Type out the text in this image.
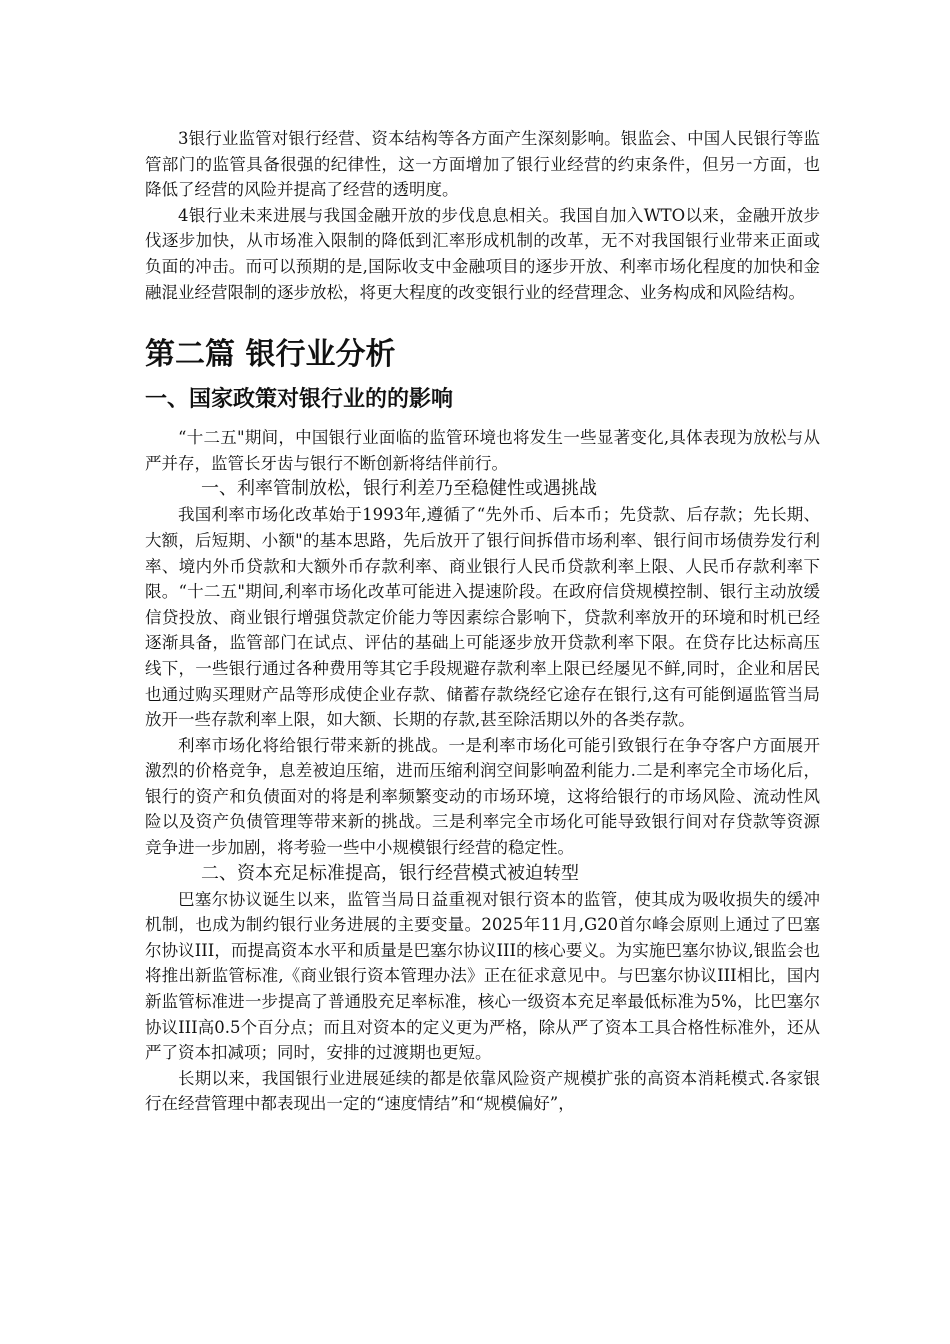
3银行业监管对银行经营、资本结构等各方面产生深刻影响。银监会、中国人民银行等监管部门的监管具备很强的纪律性，这一方面增加了银行业经营的约束条件，但另一方面，也降低了经营的风险并提高了经营的透明度。

4银行业未来进展与我国金融开放的步伐息息相关。我国自加入WTO以来，金融开放步伐逐步加快，从市场准入限制的降低到汇率形成机制的改革，无不对我国银行业带来正面或负面的冲击。而可以预期的是,国际收支中金融项目的逐步开放、利率市场化程度的加快和金融混业经营限制的逐步放松，将更大程度的改变银行业的经营理念、业务构成和风险结构。

第二篇 银行业分析
一、国家政策对银行业的的影响

“十二五"期间，中国银行业面临的监管环境也将发生一些显著变化,具体表现为放松与从严并存，监管长牙齿与银行不断创新将结伴前行。

一、利率管制放松，银行利差乃至稳健性或遇挑战

我国利率市场化改革始于1993年,遵循了“先外币、后本币；先贷款、后存款；先长期、大额，后短期、小额"的基本思路，先后放开了银行间拆借市场利率、银行间市场债券发行利率、境内外币贷款和大额外币存款利率、商业银行人民币贷款利率上限、人民币存款利率下限。“十二五"期间,利率市场化改革可能进入提速阶段。在政府信贷规模控制、银行主动放缓信贷投放、商业银行增强贷款定价能力等因素综合影响下，贷款利率放开的环境和时机已经逐渐具备，监管部门在试点、评估的基础上可能逐步放开贷款利率下限。在贷存比达标高压线下，一些银行通过各种费用等其它手段规避存款利率上限已经屡见不鲜,同时，企业和居民也通过购买理财产品等形成使企业存款、储蓄存款绕经它途存在银行,这有可能倒逼监管当局放开一些存款利率上限，如大额、长期的存款,甚至除活期以外的各类存款。

利率市场化将给银行带来新的挑战。一是利率市场化可能引致银行在争夺客户方面展开激烈的价格竞争，息差被迫压缩，进而压缩利润空间影响盈利能力.二是利率完全市场化后，银行的资产和负债面对的将是利率频繁变动的市场环境，这将给银行的市场风险、流动性风险以及资产负债管理等带来新的挑战。三是利率完全市场化可能导致银行间对存贷款等资源竞争进一步加剧，将考验一些中小规模银行经营的稳定性。

二、资本充足标准提高，银行经营模式被迫转型

巴塞尔协议诞生以来，监管当局日益重视对银行资本的监管，使其成为吸收损失的缓冲机制，也成为制约银行业务进展的主要变量。2025年11月,G20首尔峰会原则上通过了巴塞尔协议III，而提高资本水平和质量是巴塞尔协议III的核心要义。为实施巴塞尔协议,银监会也将推出新监管标准,《商业银行资本管理办法》正在征求意见中。与巴塞尔协议III相比，国内新监管标准进一步提高了普通股充足率标准，核心一级资本充足率最低标准为5%，比巴塞尔协议III高0.5个百分点；而且对资本的定义更为严格，除从严了资本工具合格性标准外，还从严了资本扣减项；同时，安排的过渡期也更短。

长期以来，我国银行业进展延续的都是依靠风险资产规模扩张的高资本消耗模式.各家银行在经营管理中都表现出一定的“速度情结”和“规模偏好”，
